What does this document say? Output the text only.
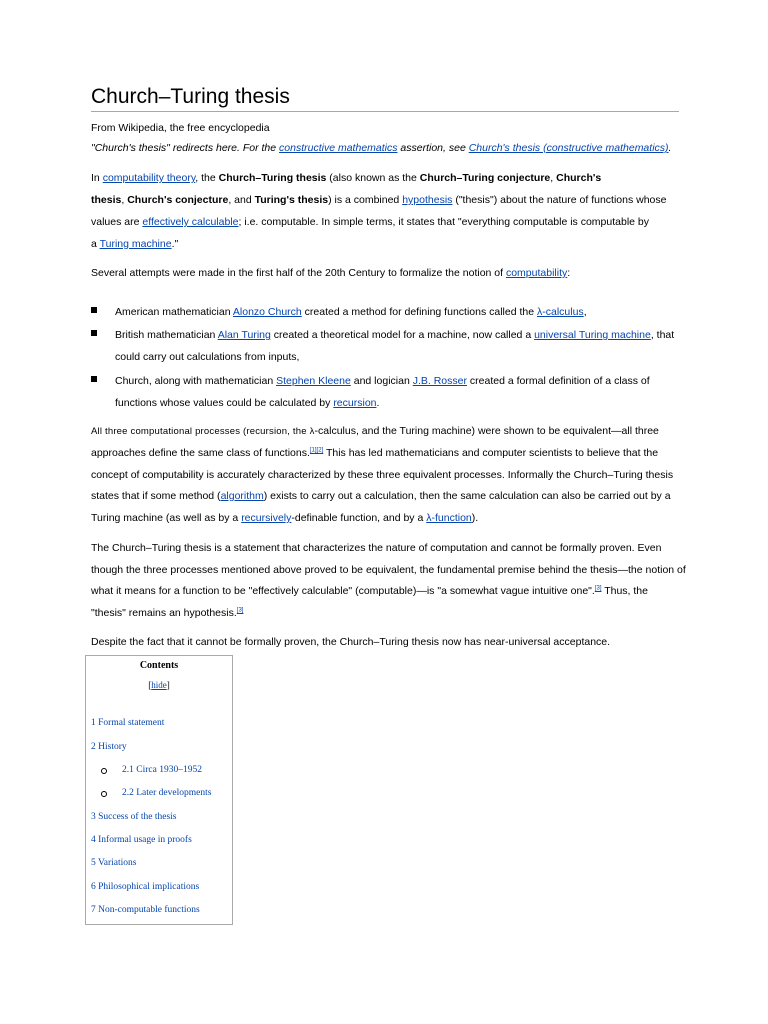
Church–Turing thesis
From Wikipedia, the free encyclopedia
"Church's thesis" redirects here. For the constructive mathematics assertion, see Church's thesis (constructive mathematics).
In computability theory, the Church–Turing thesis (also known as the Church–Turing conjecture, Church's
thesis, Church's conjecture, and Turing's thesis) is a combined hypothesis ("thesis") about the nature of functions whose
values are effectively calculable; i.e. computable. In simple terms, it states that "everything computable is computable by
a Turing machine."
Several attempts were made in the first half of the 20th Century to formalize the notion of computability:
American mathematician Alonzo Church created a method for defining functions called the λ-calculus,
British mathematician Alan Turing created a theoretical model for a machine, now called a universal Turing machine, that
could carry out calculations from inputs,
Church, along with mathematician Stephen Kleene and logician J.B. Rosser created a formal definition of a class of
functions whose values could be calculated by recursion.
All three computational processes (recursion, the λ-calculus, and the Turing machine) were shown to be equivalent—all three
approaches define the same class of functions.[1][2] This has led mathematicians and computer scientists to believe that the
concept of computability is accurately characterized by these three equivalent processes. Informally the Church–Turing thesis
states that if some method (algorithm) exists to carry out a calculation, then the same calculation can also be carried out by a
Turing machine (as well as by a recursively-definable function, and by a λ-function).
The Church–Turing thesis is a statement that characterizes the nature of computation and cannot be formally proven. Even
though the three processes mentioned above proved to be equivalent, the fundamental premise behind the thesis—the notion of
what it means for a function to be "effectively calculable" (computable)—is "a somewhat vague intuitive one".[3] Thus, the
"thesis" remains an hypothesis.[3]
Despite the fact that it cannot be formally proven, the Church–Turing thesis now has near-universal acceptance.
Contents
[hide]
1 Formal statement
2 History
2.1 Circa 1930–1952
2.2 Later developments
3 Success of the thesis
4 Informal usage in proofs
5 Variations
6 Philosophical implications
7 Non-computable functions
